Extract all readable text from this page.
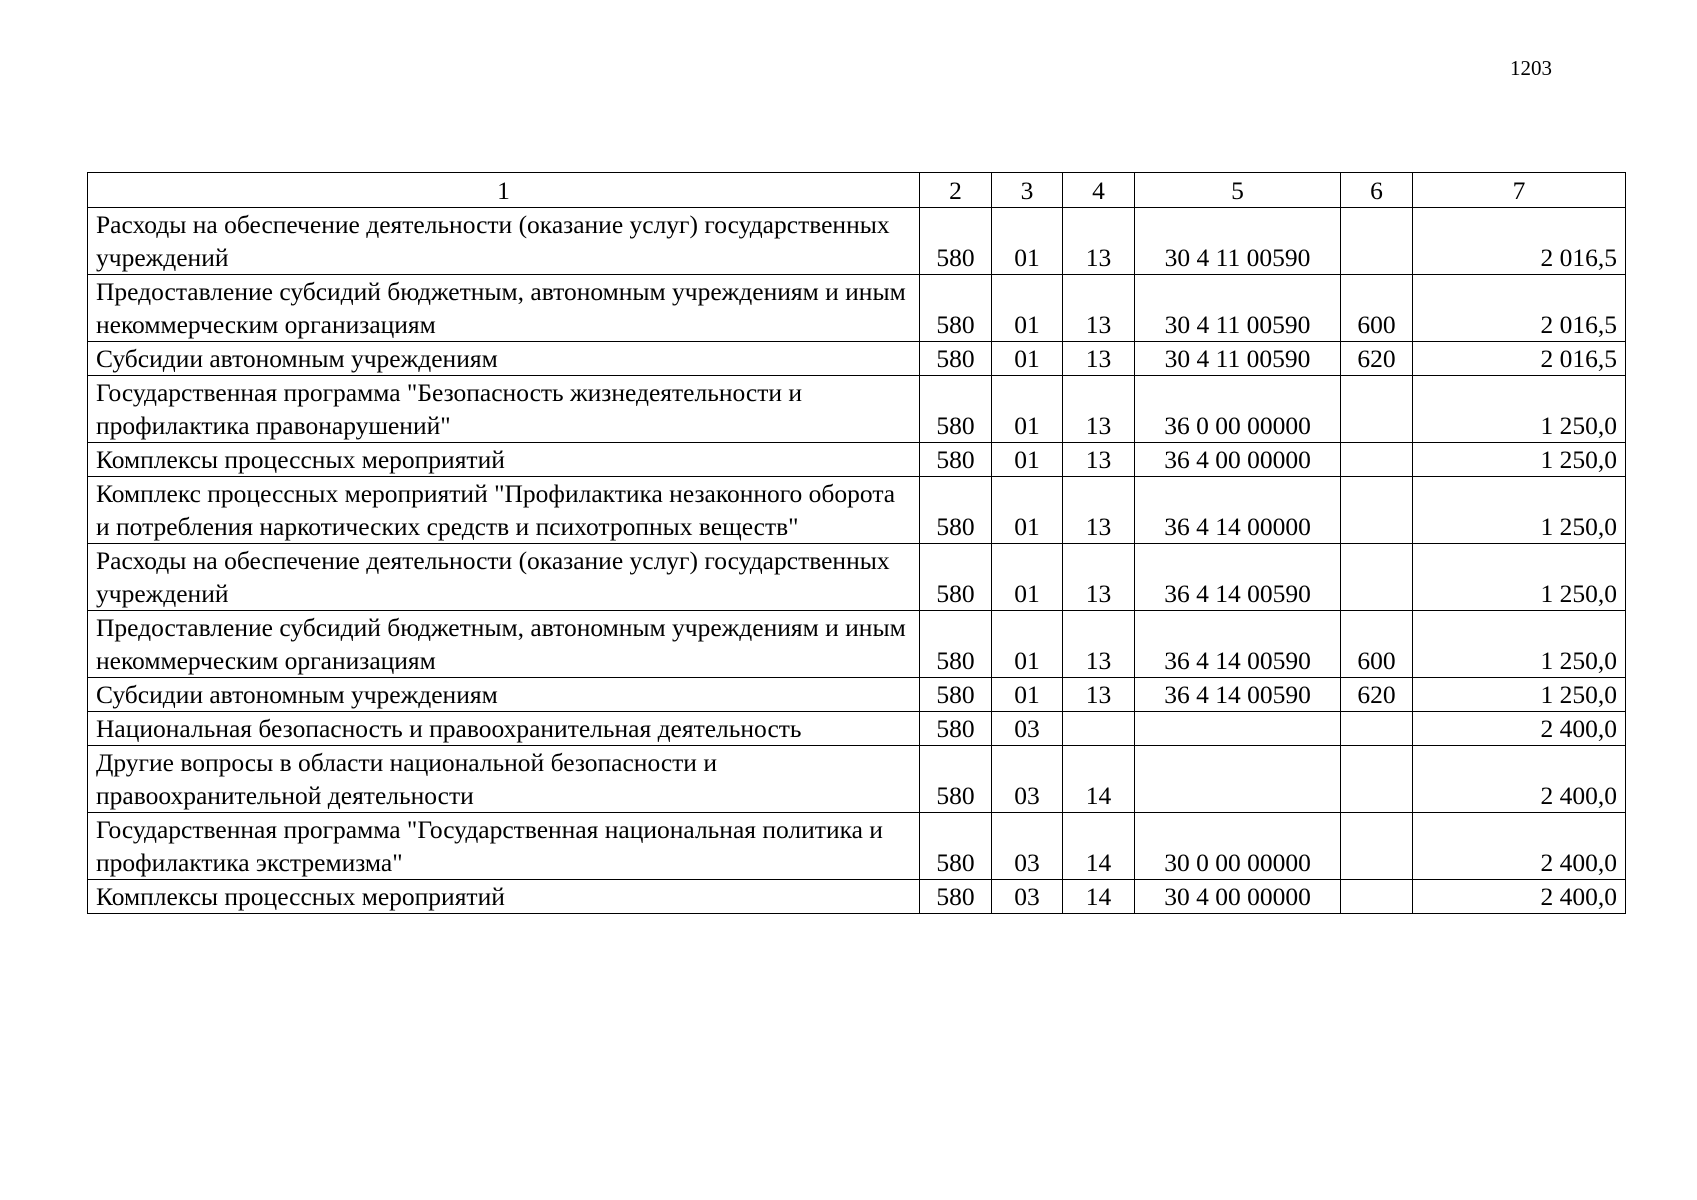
1203
1	2	3	4	5	6	7
Расходы на обеспечение деятельности (оказание услуг) государственных учреждений	580	01	13	30 4 11 00590		2 016,5
Предоставление субсидий бюджетным, автономным учреждениям и иным некоммерческим организациям	580	01	13	30 4 11 00590	600	2 016,5
Субсидии автономным учреждениям	580	01	13	30 4 11 00590	620	2 016,5
Государственная программа "Безопасность жизнедеятельности и профилактика правонарушений"	580	01	13	36 0 00 00000		1 250,0
Комплексы процессных мероприятий	580	01	13	36 4 00 00000		1 250,0
Комплекс процессных мероприятий "Профилактика незаконного оборота и потребления наркотических средств и психотропных веществ"	580	01	13	36 4 14 00000		1 250,0
Расходы на обеспечение деятельности (оказание услуг) государственных учреждений	580	01	13	36 4 14 00590		1 250,0
Предоставление субсидий бюджетным, автономным учреждениям и иным некоммерческим организациям	580	01	13	36 4 14 00590	600	1 250,0
Субсидии автономным учреждениям	580	01	13	36 4 14 00590	620	1 250,0
Национальная безопасность и правоохранительная деятельность	580	03				2 400,0
Другие вопросы в области национальной безопасности и правоохранительной деятельности	580	03	14			2 400,0
Государственная программа "Государственная национальная политика и профилактика экстремизма"	580	03	14	30 0 00 00000		2 400,0
Комплексы процессных мероприятий	580	03	14	30 4 00 00000		2 400,0
